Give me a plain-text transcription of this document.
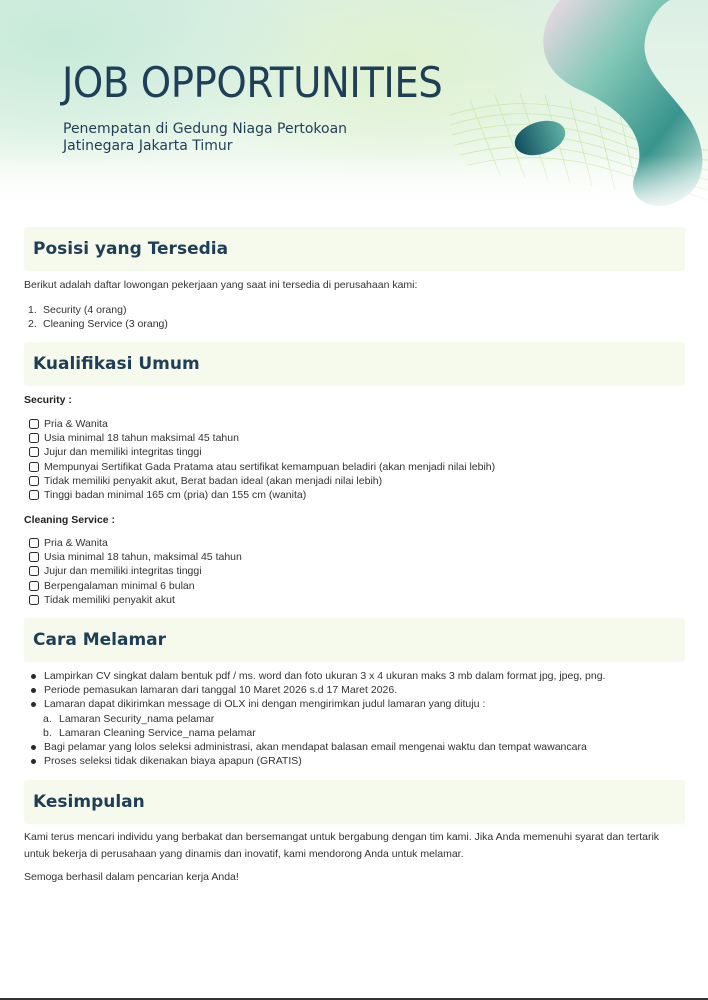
JOB OPPORTUNITIES

Penempatan di Gedung Niaga Pertokoan Jatinegara Jakarta Timur

Posisi yang Tersedia
Berikut adalah daftar lowongan pekerjaan yang saat ini tersedia di perusahaan kami:
1. Security (4 orang)
2. Cleaning Service (3 orang)
Kualifikasi Umum
Security :
Pria & Wanita
Usia minimal 18 tahun maksimal 45 tahun
Jujur dan memiliki integritas tinggi
Mempunyai Sertifikat Gada Pratama atau sertifikat kemampuan beladiri (akan menjadi nilai lebih)
Tidak memiliki penyakit akut, Berat badan ideal (akan menjadi nilai lebih)
Tinggi badan minimal 165 cm (pria) dan 155 cm (wanita)
Cleaning Service :
Pria & Wanita
Usia minimal 18 tahun, maksimal 45 tahun
Jujur dan memiliki integritas tinggi
Berpengalaman minimal 6 bulan
Tidak memiliki penyakit akut
Cara Melamar
Lampirkan CV singkat dalam bentuk pdf / ms. word dan foto ukuran 3 x 4 ukuran maks 3 mb dalam format jpg, jpeg, png.
Periode pemasukan lamaran dari tanggal 10 Maret 2026 s.d 17 Maret 2026.
Lamaran dapat dikirimkan message di OLX ini dengan mengirimkan judul lamaran yang dituju :
a. Lamaran Security_nama pelamar
b. Lamaran Cleaning Service_nama pelamar
Bagi pelamar yang lolos seleksi administrasi, akan mendapat balasan email mengenai waktu dan tempat wawancara
Proses seleksi tidak dikenakan biaya apapun (GRATIS)
Kesimpulan

Kami terus mencari individu yang berbakat dan bersemangat untuk bergabung dengan tim kami. Jika Anda memenuhi syarat dan tertarik untuk bekerja di perusahaan yang dinamis dan inovatif, kami mendorong Anda untuk melamar.

Semoga berhasil dalam pencarian kerja Anda!
